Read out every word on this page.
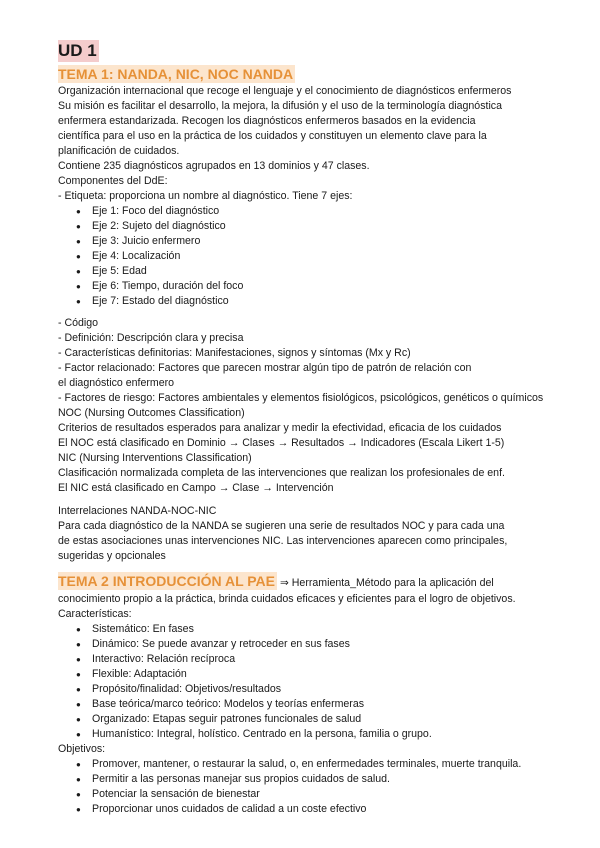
UD 1
TEMA 1: NANDA, NIC, NOC NANDA
Organización internacional que recoge el lenguaje y el conocimiento de diagnósticos enfermeros
Su misión es facilitar el desarrollo, la mejora, la difusión y el uso de la terminología diagnóstica
enfermera estandarizada. Recogen los diagnósticos enfermeros basados en la evidencia
científica para el uso en la práctica de los cuidados y constituyen un elemento clave para la
planificación de cuidados.
Contiene 235 diagnósticos agrupados en 13 dominios y 47 clases.
Componentes del DdE:
- Etiqueta: proporciona un nombre al diagnóstico. Tiene 7 ejes:
● Eje 1: Foco del diagnóstico
● Eje 2: Sujeto del diagnóstico
● Eje 3: Juicio enfermero
● Eje 4: Localización
● Eje 5: Edad
● Eje 6: Tiempo, duración del foco
● Eje 7: Estado del diagnóstico
- Código
- Definición: Descripción clara y precisa
- Características definitorias: Manifestaciones, signos y síntomas (Mx y Rc)
- Factor relacionado: Factores que parecen mostrar algún tipo de patrón de relación con
el diagnóstico enfermero
- Factores de riesgo: Factores ambientales y elementos fisiológicos, psicológicos, genéticos o químicos
NOC (Nursing Outcomes Classification)
Criterios de resultados esperados para analizar y medir la efectividad, eficacia de los cuidados
El NOC está clasificado en Dominio → Clases → Resultados → Indicadores (Escala Likert 1-5)
NIC (Nursing Interventions Classification)
Clasificación normalizada completa de las intervenciones que realizan los profesionales de enf.
El NIC está clasificado en Campo → Clase → Intervención
Interrelaciones NANDA-NOC-NIC
Para cada diagnóstico de la NANDA se sugieren una serie de resultados NOC y para cada una
de estas asociaciones unas intervenciones NIC. Las intervenciones aparecen como principales,
sugeridas y opcionales
TEMA 2 INTRODUCCIÓN AL PAE ⇒ Herramienta_Método para la aplicación del
conocimiento propio a la práctica, brinda cuidados eficaces y eficientes para el logro de objetivos.
Características:
● Sistemático: En fases
● Dinámico: Se puede avanzar y retroceder en sus fases
● Interactivo: Relación recíproca
● Flexible: Adaptación
● Propósito/finalidad: Objetivos/resultados
● Base teórica/marco teórico: Modelos y teorías enfermeras
● Organizado: Etapas seguir patrones funcionales de salud
● Humanístico: Integral, holístico. Centrado en la persona, familia o grupo.
Objetivos:
● Promover, mantener, o restaurar la salud, o, en enfermedades terminales, muerte tranquila.
● Permitir a las personas manejar sus propios cuidados de salud.
● Potenciar la sensación de bienestar
● Proporcionar unos cuidados de calidad a un coste efectivo
